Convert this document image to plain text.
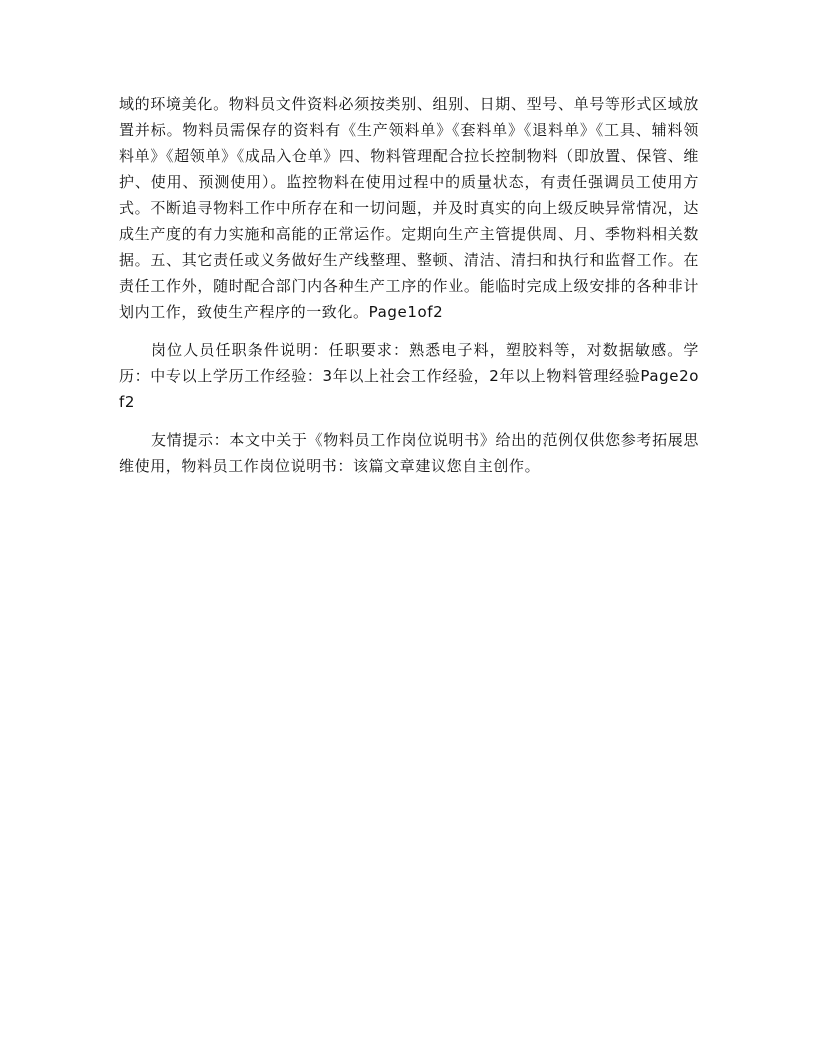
域的环境美化。物料员文件资料必须按类别、组别、日期、型号、单号等形式区域放置并标。物料员需保存的资料有《生产领料单》《套料单》《退料单》《工具、辅料领料单》《超领单》《成品入仓单》四、物料管理配合拉长控制物料（即放置、保管、维护、使用、预测使用）。监控物料在使用过程中的质量状态，有责任强调员工使用方式。不断追寻物料工作中所存在和一切问题，并及时真实的向上级反映异常情况，达成生产度的有力实施和高能的正常运作。定期向生产主管提供周、月、季物料相关数据。五、其它责任或义务做好生产线整理、整顿、清洁、清扫和执行和监督工作。在责任工作外，随时配合部门内各种生产工序的作业。能临时完成上级安排的各种非计划内工作，致使生产程序的一致化。Page1of2

岗位人员任职条件说明：任职要求：熟悉电子料，塑胶料等，对数据敏感。学历：中专以上学历工作经验：3年以上社会工作经验，2年以上物料管理经验Page2of2

友情提示：本文中关于《物料员工作岗位说明书》给出的范例仅供您参考拓展思维使用，物料员工作岗位说明书：该篇文章建议您自主创作。
